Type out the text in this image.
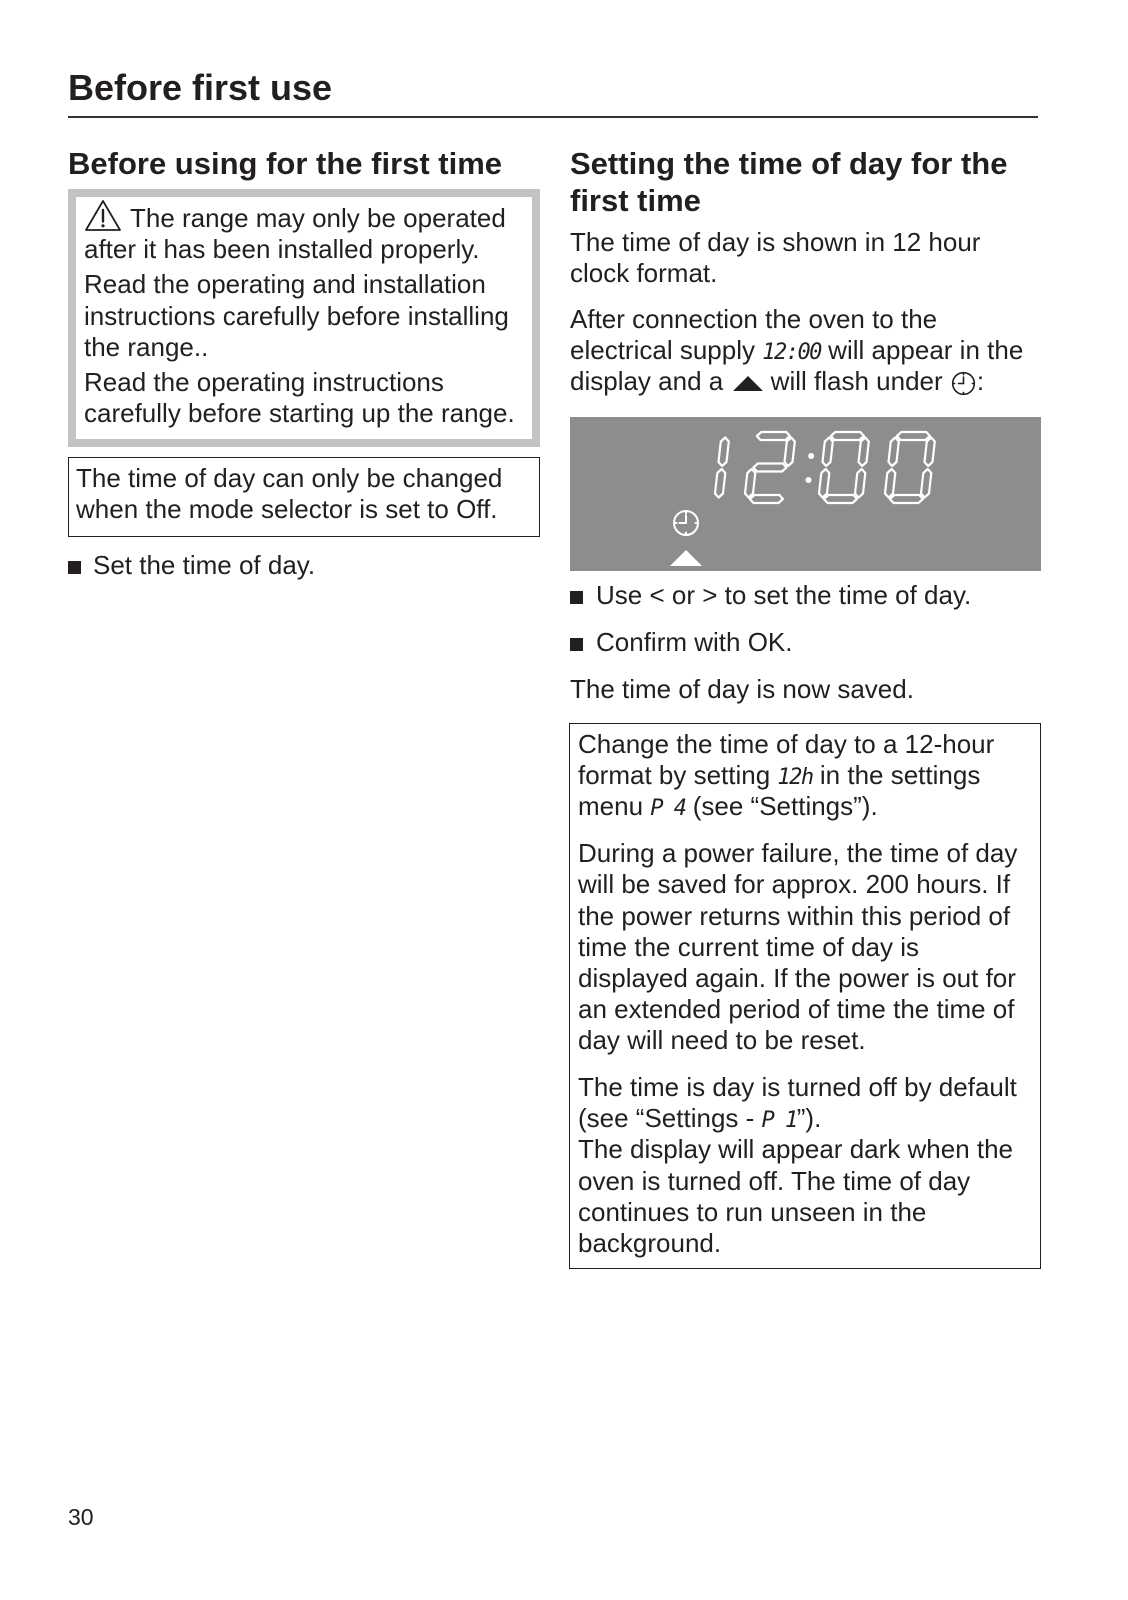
Before first use
Before using for the first time

The range may only be operated
after it has been installed properly.

Read the operating and installation
instructions carefully before installing
the range..

Read the operating instructions
carefully before starting up the range.

The time of day can only be changed
when the mode selector is set to Off.

Set the time of day.
Setting the time of day for the
first time

The time of day is shown in 12 hour
clock format.

After connection the oven to the
electrical supply 12:00 will appear in the
display and a
will flash under
:

Use < or > to set the time of day.
Confirm with OK.

The time of day is now saved.

Change the time of day to a 12-hour
format by setting 12h in the settings
menu P 4 (see “Settings”).

During a power failure, the time of day
will be saved for approx. 200 hours. If
the power returns within this period of
time the current time of day is
displayed again. If the power is out for
an extended period of time the time of
day will need to be reset.

The time is day is turned off by default
(see “Settings - P 1”).
The display will appear dark when the
oven is turned off. The time of day
continues to run unseen in the
background.

30
